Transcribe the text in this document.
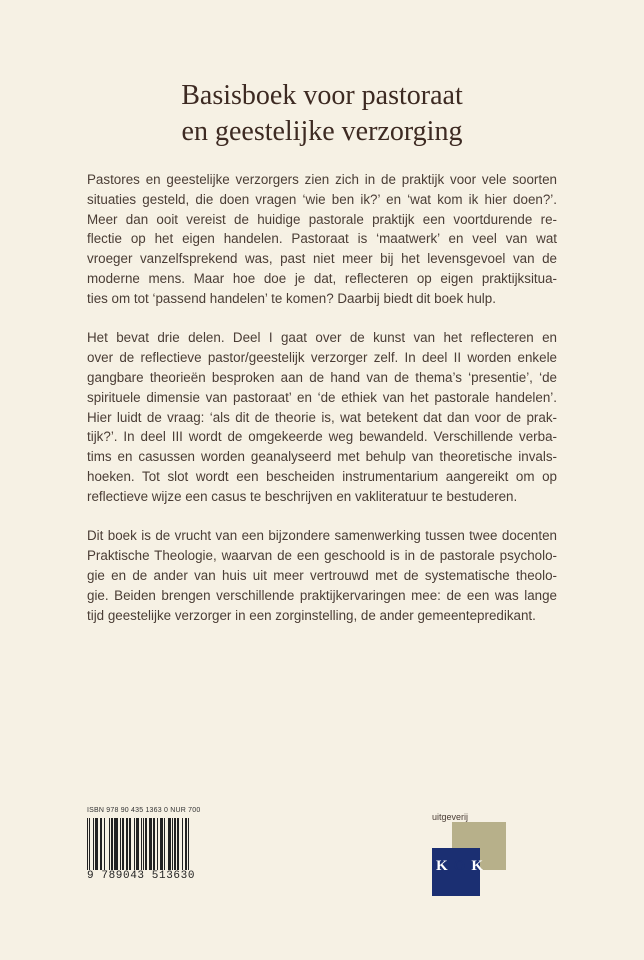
Basisboek voor pastoraat
en geestelijke verzorging
Pastores en geestelijke verzorgers zien zich in de praktijk voor vele soorten
situaties gesteld, die doen vragen ‘wie ben ik?’ en ‘wat kom ik hier doen?’.
Meer dan ooit vereist de huidige pastorale praktijk een voortdurende re-
flectie op het eigen handelen. Pastoraat is ‘maatwerk’ en veel van wat
vroeger vanzelfsprekend was, past niet meer bij het levensgevoel van de
moderne mens. Maar hoe doe je dat, reflecteren op eigen praktijksitua-
ties om tot ‘passend handelen’ te komen? Daarbij biedt dit boek hulp.
Het bevat drie delen. Deel I gaat over de kunst van het reflecteren en
over de reflectieve pastor/geestelijk verzorger zelf. In deel II worden enkele
gangbare theorieën besproken aan de hand van de thema’s ‘presentie’, ‘de
spirituele dimensie van pastoraat’ en ‘de ethiek van het pastorale handelen’.
Hier luidt de vraag: ‘als dit de theorie is, wat betekent dat dan voor de prak-
tijk?’. In deel III wordt de omgekeerde weg bewandeld. Verschillende verba-
tims en casussen worden geanalyseerd met behulp van theoretische invals-
hoeken. Tot slot wordt een bescheiden instrumentarium aangereikt om op
reflectieve wijze een casus te beschrijven en vakliteratuur te bestuderen.
Dit boek is de vrucht van een bijzondere samenwerking tussen twee docenten
Praktische Theologie, waarvan de een geschoold is in de pastorale psycholo-
gie en de ander van huis uit meer vertrouwd met de systematische theolo-
gie. Beiden brengen verschillende praktijkervaringen mee: de een was lange
tijd geestelijke verzorger in een zorginstelling, de ander gemeentepredikant.
ISBN 978 90 435 1363 0 NUR 700
9 789043 513630
uitgeverij
KOK
